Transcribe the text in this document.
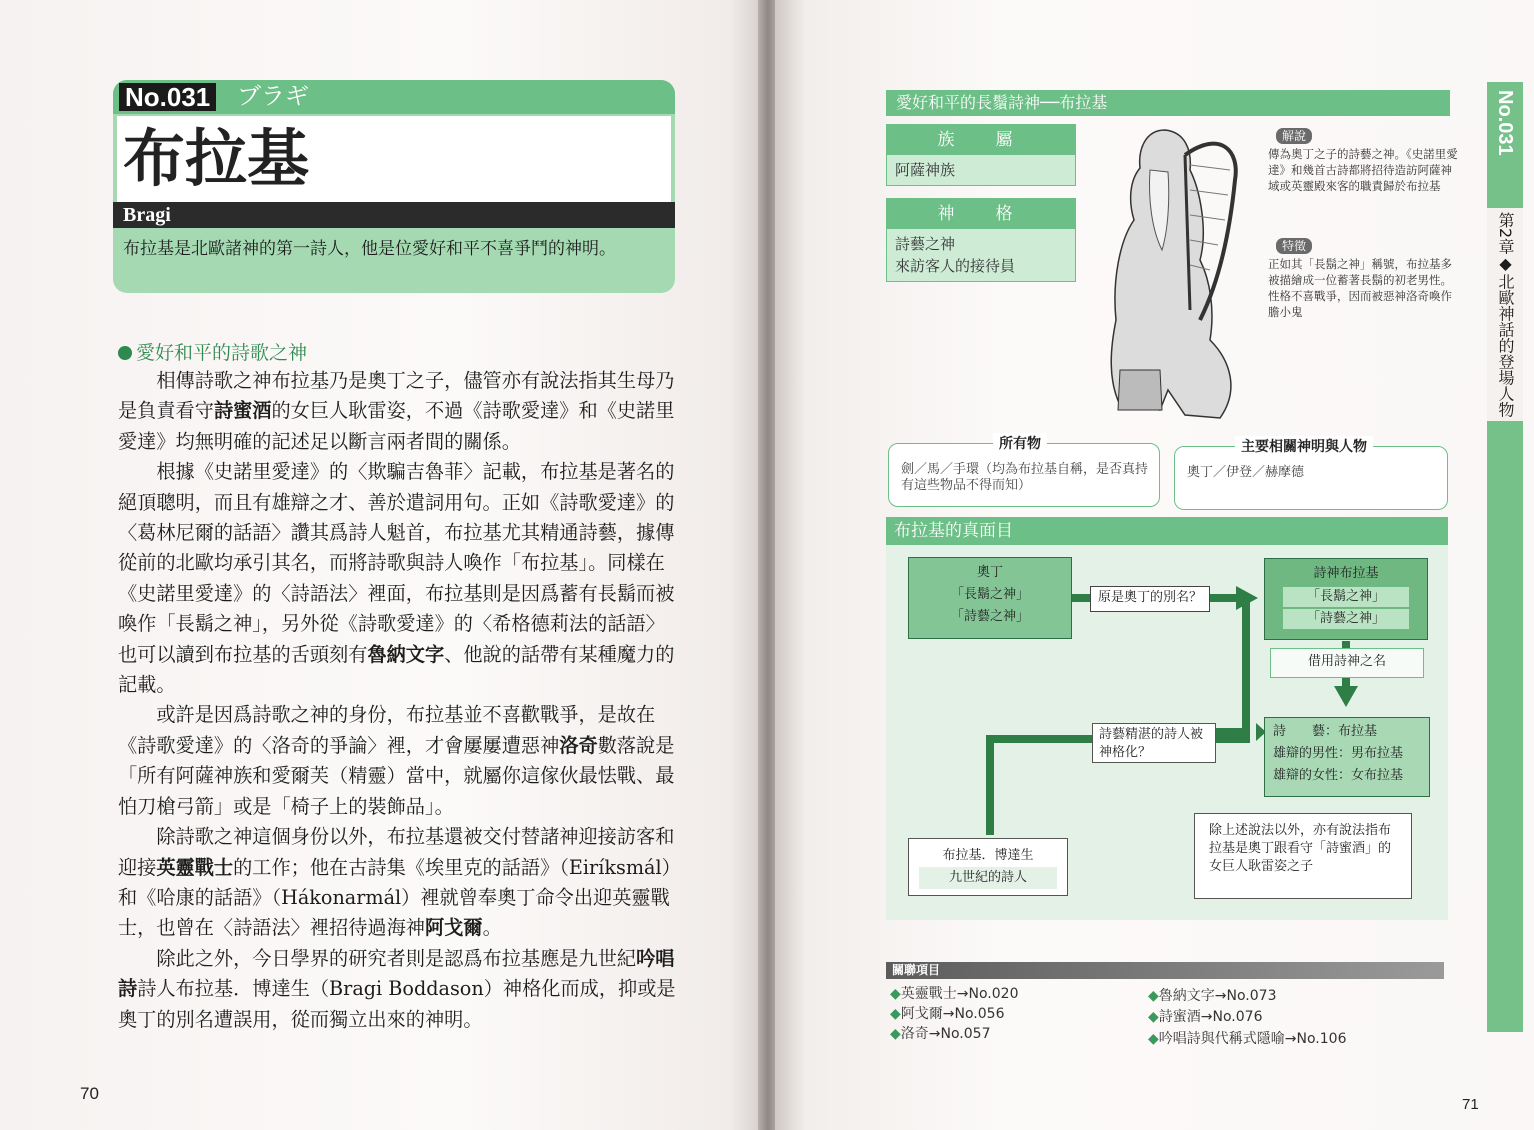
No.031 ブラギ
布拉基
Bragi
布拉基是北歐諸神的第一詩人，他是位愛好和平不喜爭鬥的神明。
愛好和平的詩歌之神

　　相傳詩歌之神布拉基乃是奧丁之子，儘管亦有說法指其生母乃是負責看守詩蜜酒的女巨人耿雷姿，不過《詩歌愛達》和《史諾里愛達》均無明確的記述足以斷言兩者間的關係。

　　根據《史諾里愛達》的〈欺騙吉魯菲〉記載，布拉基是著名的絕頂聰明，而且有雄辯之才、善於遣詞用句。正如《詩歌愛達》的〈葛林尼爾的話語〉讚其爲詩人魁首，布拉基尤其精通詩藝，據傳從前的北歐均承引其名，而將詩歌與詩人喚作「布拉基」。同樣在《史諾里愛達》的〈詩語法〉裡面，布拉基則是因爲蓄有長鬍而被喚作「長鬍之神」，另外從《詩歌愛達》的〈希格德莉法的話語〉也可以讀到布拉基的舌頭刻有魯納文字、他說的話帶有某種魔力的記載。

　　或許是因爲詩歌之神的身份，布拉基並不喜歡戰爭，是故在《詩歌愛達》的〈洛奇的爭論〉裡，才會屢屢遭惡神洛奇數落說是「所有阿薩神族和愛爾芙（精靈）當中，就屬你這傢伙最怯戰、最怕刀槍弓箭」或是「椅子上的裝飾品」。

　　除詩歌之神這個身份以外，布拉基還被交付替諸神迎接訪客和迎接英靈戰士的工作；他在古詩集《埃里克的話語》（Eiríksmál）和《哈康的話語》（Hákonarmál）裡就曾奉奧丁命令出迎英靈戰士，也曾在〈詩語法〉裡招待過海神阿戈爾。

　　除此之外，今日學界的研究者則是認爲布拉基應是九世紀吟唱詩詩人布拉基．博達生（Bragi Boddason）神格化而成，抑或是奧丁的別名遭誤用，從而獨立出來的神明。

70
愛好和平的長鬚詩神──布拉基
族　屬
阿薩神族
神　格
詩藝之神
來訪客人的接待員
解說
傳為奧丁之子的詩藝之神。《史諾里愛達》和幾首古詩都將招待造訪阿薩神域或英靈殿來客的職責歸於布拉基
特徵
正如其「長鬍之神」稱號，布拉基多被描繪成一位蓄著長鬍的初老男性。性格不喜戰爭，因而被惡神洛奇喚作膽小鬼
No.031
第2章◆北歐神話的登場人物
所有物
劍／馬／手環（均為布拉基自稱，是否真持有這些物品不得而知）
主要相關神明與人物
奧丁／伊登／赫摩德
布拉基的真面目
奧丁
「長鬍之神」
「詩藝之神」
原是奧丁的別名？
詩神布拉基
「長鬍之神」
「詩藝之神」
借用詩神之名
詩　　藝：布拉基
雄辯的男性：男布拉基
雄辯的女性：女布拉基
詩藝精湛的詩人被神格化？
布拉基．博達生
九世紀的詩人
除上述說法以外，亦有說法指布拉基是奧丁跟看守「詩蜜酒」的女巨人耿雷姿之子
關聯項目
◆英靈戰士→No.020
◆阿戈爾→No.056
◆洛奇→No.057
◆魯納文字→No.073
◆詩蜜酒→No.076
◆吟唱詩與代稱式隱喻→No.106
71
